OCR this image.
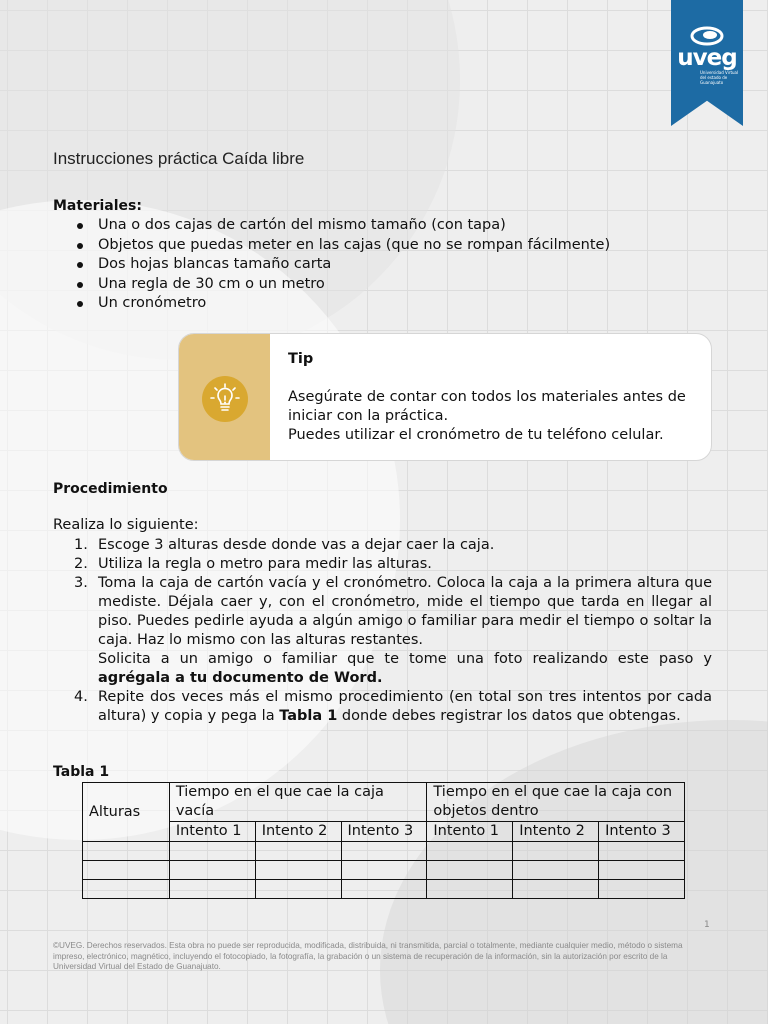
uveg
Universidad Virtual del estado de Guanajuato
Instrucciones práctica Caída libre
Materiales:
Una o dos cajas de cartón del mismo tamaño (con tapa)
Objetos que puedas meter en las cajas (que no se rompan fácilmente)
Dos hojas blancas tamaño carta
Una regla de 30 cm o un metro
Un cronómetro
Tip
Asegúrate de contar con todos los materiales antes de iniciar con la práctica.
Puedes utilizar el cronómetro de tu teléfono celular.
Procedimiento
Realiza lo siguiente:
1. Escoge 3 alturas desde donde vas a dejar caer la caja.
2. Utiliza la regla o metro para medir las alturas.
3. Toma la caja de cartón vacía y el cronómetro. Coloca la caja a la primera altura que mediste. Déjala caer y, con el cronómetro, mide el tiempo que tarda en llegar al piso. Puedes pedirle ayuda a algún amigo o familiar para medir el tiempo o soltar la caja. Haz lo mismo con las alturas restantes.
Solicita a un amigo o familiar que te tome una foto realizando este paso y agrégala a tu documento de Word.
4. Repite dos veces más el mismo procedimiento (en total son tres intentos por cada altura) y copia y pega la Tabla 1 donde debes registrar los datos que obtengas.
Tabla 1
Alturas	Tiempo en el que cae la caja vacía			Tiempo en el que cae la caja con objetos dentro		
	Intento 1	Intento 2	Intento 3	Intento 1	Intento 2	Intento 3

1
©UVEG. Derechos reservados. Esta obra no puede ser reproducida, modificada, distribuida, ni transmitida, parcial o totalmente, mediante cualquier medio, método o sistema impreso, electrónico, magnético, incluyendo el fotocopiado, la fotografía, la grabación o un sistema de recuperación de la información, sin la autorización por escrito de la Universidad Virtual del Estado de Guanajuato.
